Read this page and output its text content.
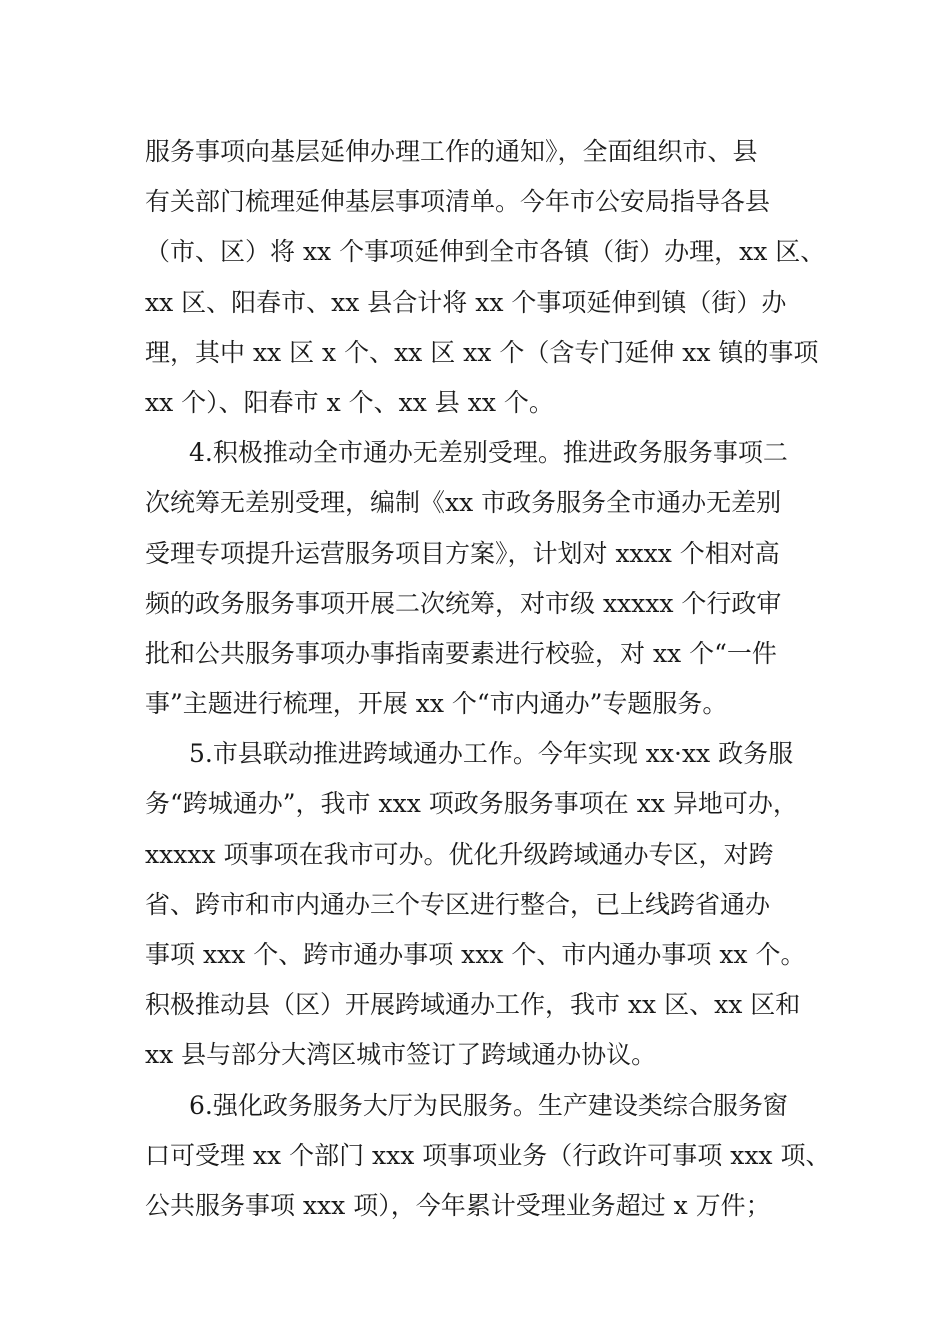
服务事项向基层延伸办理工作的通知》，全面组织市、县
有关部门梳理延伸基层事项清单。今年市公安局指导各县
（市、区）将 xx 个事项延伸到全市各镇（街）办理，xx 区、
xx 区、阳春市、xx 县合计将 xx 个事项延伸到镇（街）办
理，其中 xx 区 x 个、xx 区 xx 个（含专门延伸 xx 镇的事项
xx 个）、阳春市 x 个、xx 县 xx 个。
4.积极推动全市通办无差别受理。推进政务服务事项二
次统筹无差别受理，编制《xx 市政务服务全市通办无差别
受理专项提升运营服务项目方案》，计划对 xxxx 个相对高
频的政务服务事项开展二次统筹，对市级 xxxxx 个行政审
批和公共服务事项办事指南要素进行校验，对 xx 个“一件
事”主题进行梳理，开展 xx 个“市内通办”专题服务。
5.市县联动推进跨域通办工作。今年实现 xx·xx 政务服
务“跨城通办”，我市 xxx 项政务服务事项在 xx 异地可办，
xxxxx 项事项在我市可办。优化升级跨域通办专区，对跨
省、跨市和市内通办三个专区进行整合，已上线跨省通办
事项 xxx 个、跨市通办事项 xxx 个、市内通办事项 xx 个。
积极推动县（区）开展跨域通办工作，我市 xx 区、xx 区和
xx 县与部分大湾区城市签订了跨域通办协议。
6.强化政务服务大厅为民服务。生产建设类综合服务窗
口可受理 xx 个部门 xxx 项事项业务（行政许可事项 xxx 项、
公共服务事项 xxx 项），今年累计受理业务超过 x 万件；
